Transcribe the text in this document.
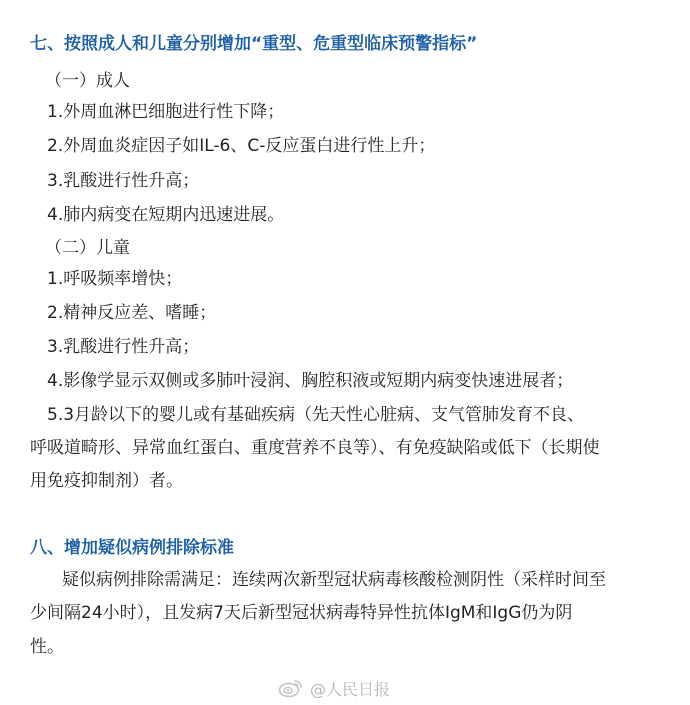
七、按照成人和儿童分别增加“重型、危重型临床预警指标”
（一）成人
1.外周血淋巴细胞进行性下降；
2.外周血炎症因子如IL-6、C-反应蛋白进行性上升；
3.乳酸进行性升高；
4.肺内病变在短期内迅速进展。
（二）儿童
1.呼吸频率增快；
2.精神反应差、嗜睡；
3.乳酸进行性升高；
4.影像学显示双侧或多肺叶浸润、胸腔积液或短期内病变快速进展者；
5.3月龄以下的婴儿或有基础疾病（先天性心脏病、支气管肺发育不良、
呼吸道畸形、异常血红蛋白、重度营养不良等）、有免疫缺陷或低下（长期使
用免疫抑制剂）者。
八、增加疑似病例排除标准
疑似病例排除需满足：连续两次新型冠状病毒核酸检测阴性（采样时间至
少间隔24小时），且发病7天后新型冠状病毒特异性抗体IgM和IgG仍为阴
性。
@人民日报
